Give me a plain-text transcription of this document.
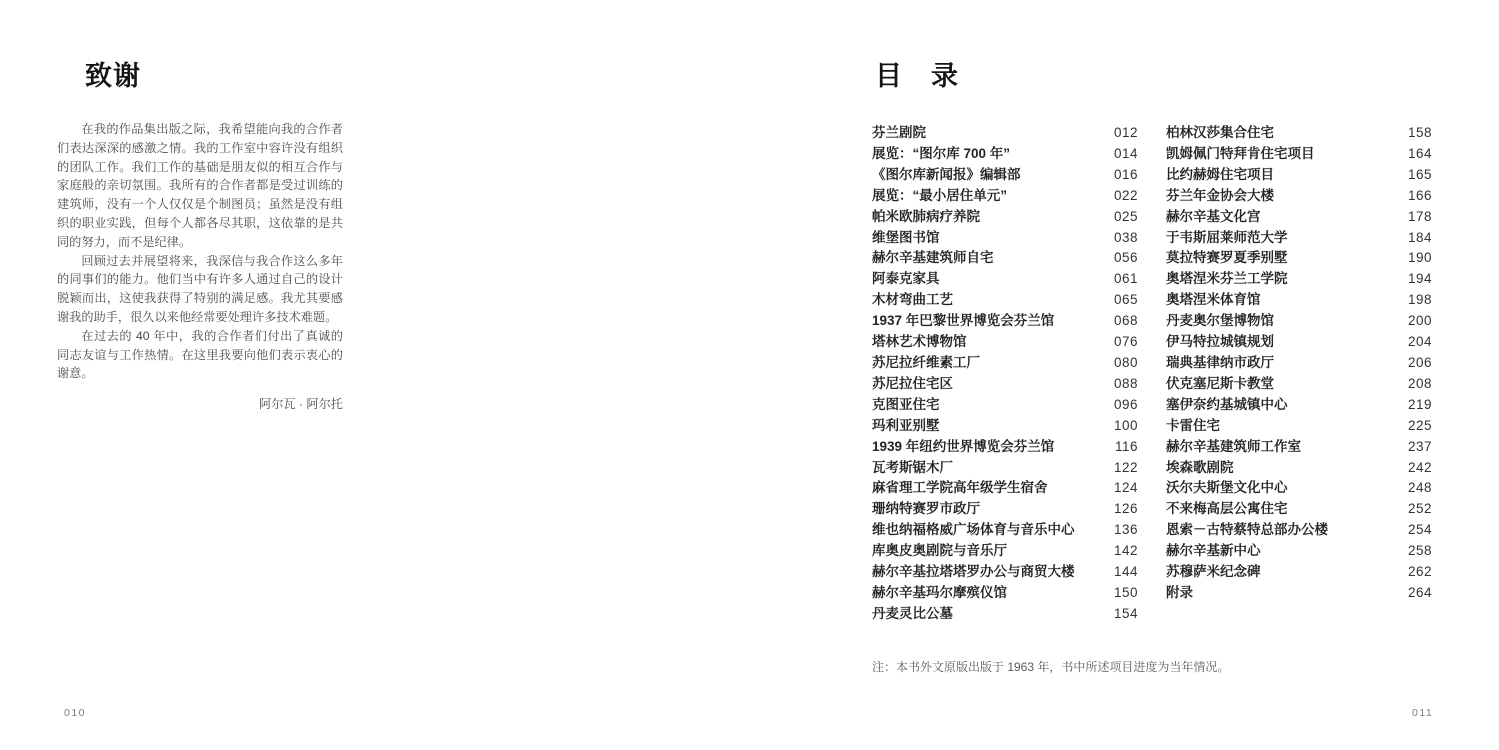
致谢

在我的作品集出版之际，我希望能向我的合作者们表达深深的感激之情。我的工作室中容许没有组织的团队工作。我们工作的基础是朋友似的相互合作与家庭般的亲切氛围。我所有的合作者都是受过训练的建筑师，没有一个人仅仅是个制图员；虽然是没有组织的职业实践，但每个人都各尽其职，这依靠的是共同的努力，而不是纪律。

回顾过去并展望将来，我深信与我合作这么多年的同事们的能力。他们当中有许多人通过自己的设计脱颖而出，这使我获得了特别的满足感。我尤其要感谢我的助手，很久以来他经常要处理许多技术难题。

在过去的 40 年中，我的合作者们付出了真诚的同志友谊与工作热情。在这里我要向他们表示衷心的谢意。

阿尔瓦 · 阿尔托
010
目　录
芬兰剧院	012
展览：“图尔库 700 年”	014
《图尔库新闻报》编辑部	016
展览：“最小居住单元”	022
帕米欧肺病疗养院	025
维堡图书馆	038
赫尔辛基建筑师自宅	056
阿泰克家具	061
木材弯曲工艺	065
1937 年巴黎世界博览会芬兰馆	068
塔林艺术博物馆	076
苏尼拉纤维素工厂	080
苏尼拉住宅区	088
克图亚住宅	096
玛利亚别墅	100
1939 年纽约世界博览会芬兰馆	116
瓦考斯锯木厂	122
麻省理工学院高年级学生宿舍	124
珊纳特赛罗市政厅	126
维也纳福格威广场体育与音乐中心	136
库奥皮奥剧院与音乐厅	142
赫尔辛基拉塔塔罗办公与商贸大楼	144
赫尔辛基玛尔摩殡仪馆	150
丹麦灵比公墓	154
柏林汉莎集合住宅	158
凯姆佩门特拜肯住宅项目	164
比约赫姆住宅项目	165
芬兰年金协会大楼	166
赫尔辛基文化宫	178
于韦斯屈莱师范大学	184
莫拉特赛罗夏季别墅	190
奥塔涅米芬兰工学院	194
奥塔涅米体育馆	198
丹麦奥尔堡博物馆	200
伊马特拉城镇规划	204
瑞典基律纳市政厅	206
伏克塞尼斯卡教堂	208
塞伊奈约基城镇中心	219
卡雷住宅	225
赫尔辛基建筑师工作室	237
埃森歌剧院	242
沃尔夫斯堡文化中心	248
不来梅高层公寓住宅	252
恩索－古特蔡特总部办公楼	254
赫尔辛基新中心	258
苏穆萨米纪念碑	262
附录	264

注：本书外文原版出版于 1963 年，书中所述项目进度为当年情况。

011
